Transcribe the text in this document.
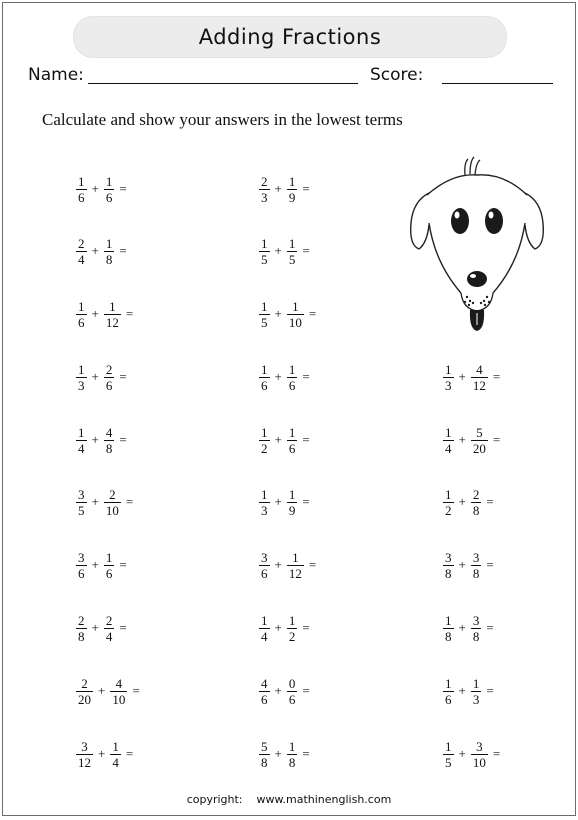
Adding Fractions
Name:	Score:
Calculate and show your answers in the lowest terms
$\frac{1}{6} + \frac{1}{6}$ =	$\frac{2}{3} + \frac{1}{9}$ =
$\frac{2}{4} + \frac{1}{8}$ =	$\frac{1}{5} + \frac{1}{5}$ =
$\frac{1}{6} + \frac{1}{12}$ =	$\frac{1}{5} + \frac{1}{10}$ =
$\frac{1}{3} + \frac{2}{6}$ =	$\frac{1}{6} + \frac{1}{6}$ =	$\frac{1}{3} + \frac{4}{12}$ =
$\frac{1}{4} + \frac{4}{8}$ =	$\frac{1}{2} + \frac{1}{6}$ =	$\frac{1}{4} + \frac{5}{20}$ =
$\frac{3}{5} + \frac{2}{10}$ =	$\frac{1}{3} + \frac{1}{9}$ =	$\frac{1}{2} + \frac{2}{8}$ =
$\frac{3}{6} + \frac{1}{6}$ =	$\frac{3}{6} + \frac{1}{12}$ =	$\frac{3}{8} + \frac{3}{8}$ =
$\frac{2}{8} + \frac{2}{4}$ =	$\frac{1}{4} + \frac{1}{2}$ =	$\frac{1}{8} + \frac{3}{8}$ =
$\frac{2}{20} + \frac{4}{10}$ =	$\frac{4}{6} + \frac{0}{6}$ =	$\frac{1}{6} + \frac{1}{3}$ =
$\frac{3}{12} + \frac{1}{4}$ =	$\frac{5}{8} + \frac{1}{8}$ =	$\frac{1}{5} + \frac{3}{10}$ =
copyright: www.mathinenglish.com
